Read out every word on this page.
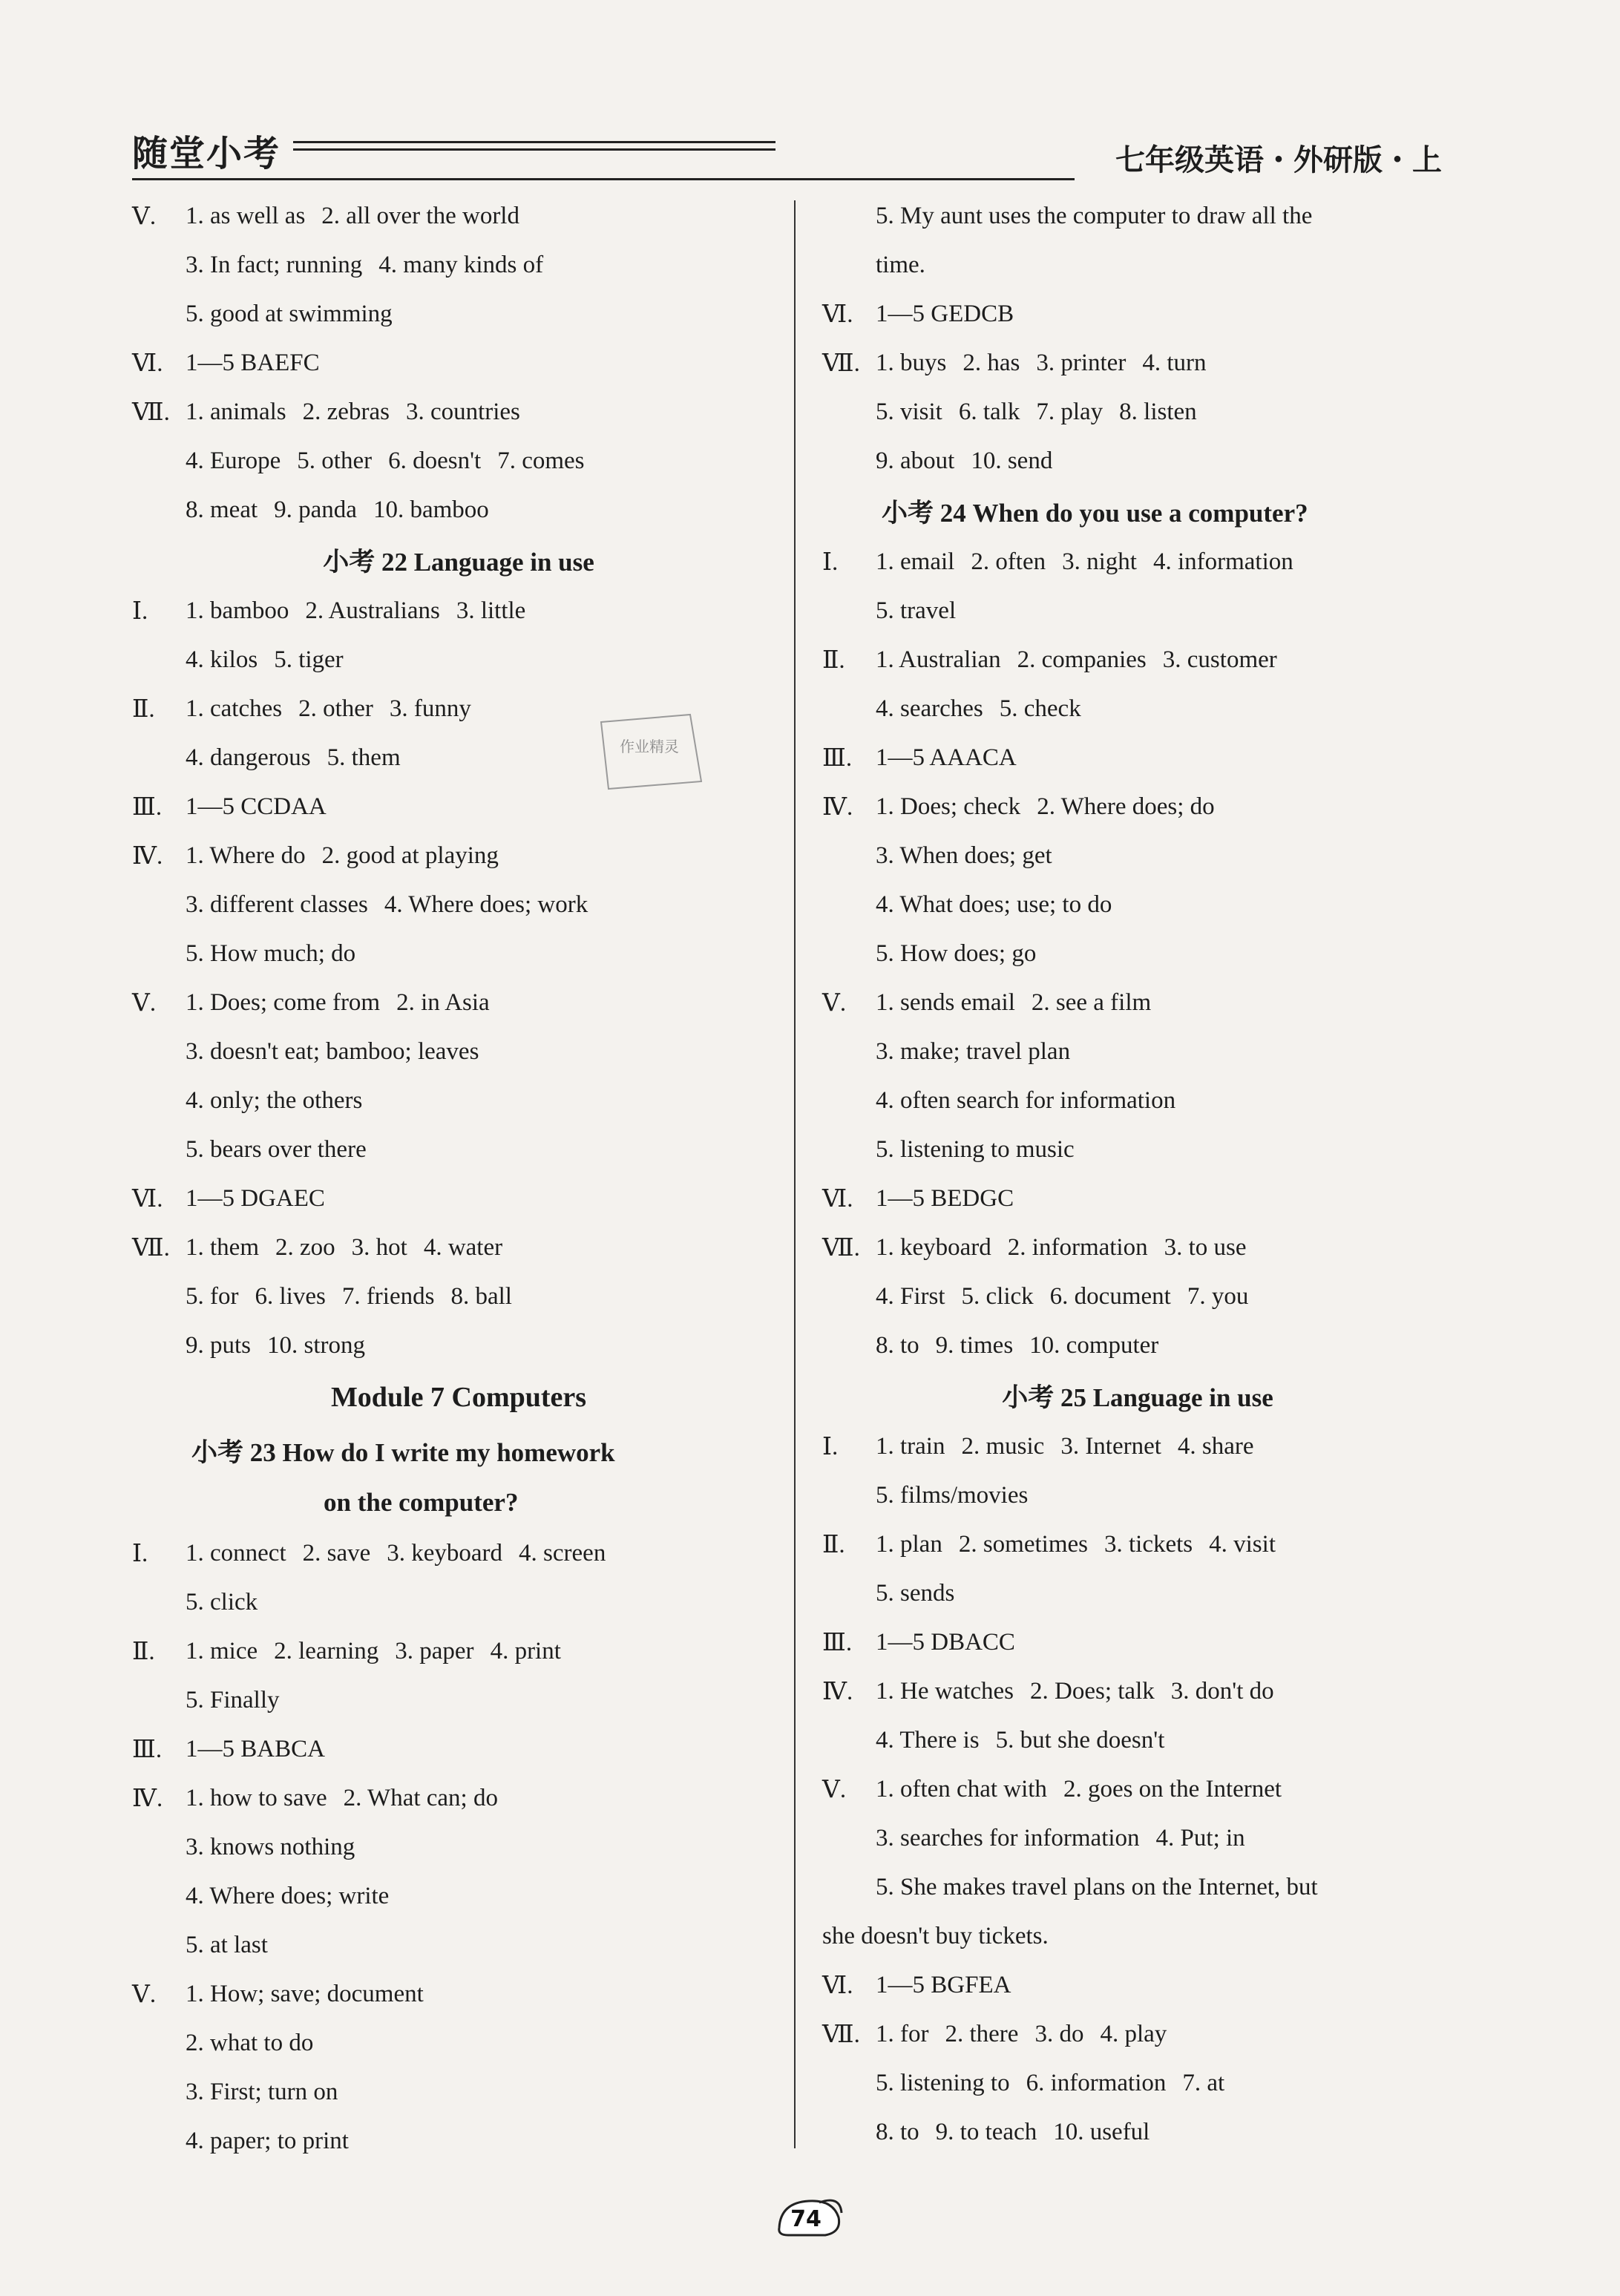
随堂小考	七年级英语・外研版・上
Ⅴ.	1. as well as 2. all over the world
3. In fact; running 4. many kinds of
5. good at swimming
Ⅵ. 1—5 BAEFC
Ⅶ. 1. animals 2. zebras 3. countries
4. Europe 5. other 6. doesn't 7. comes
8. meat 9. panda 10. bamboo
小考 22 Language in use
Ⅰ.	1. bamboo 2. Australians 3. little
4. kilos 5. tiger
Ⅱ.	1. catches 2. other 3. funny
4. dangerous 5. them
Ⅲ. 1—5 CCDAA
Ⅳ. 1. Where do 2. good at playing
3. different classes 4. Where does; work
5. How much; do
Ⅴ.	1. Does; come from 2. in Asia
3. doesn't eat; bamboo; leaves
4. only; the others
5. bears over there
Ⅵ. 1—5 DGAEC
Ⅶ. 1. them 2. zoo 3. hot 4. water
5. for 6. lives 7. friends 8. ball
9. puts 10. strong
Module 7 Computers
小考 23 How do I write my homework
on the computer?
Ⅰ.	1. connect 2. save 3. keyboard 4. screen
5. click
Ⅱ.	1. mice 2. learning 3. paper 4. print
5. Finally
Ⅲ. 1—5 BABCA
Ⅳ. 1. how to save 2. What can; do
3. knows nothing
4. Where does; write
5. at last
Ⅴ.	1. How; save; document
2. what to do
3. First; turn on
4. paper; to print
5. My aunt uses the computer to draw all the
time.
Ⅵ. 1—5 GEDCB
Ⅶ. 1. buys 2. has 3. printer 4. turn
5. visit 6. talk 7. play 8. listen
9. about 10. send
小考 24 When do you use a computer?
Ⅰ.	1. email 2. often 3. night 4. information
5. travel
Ⅱ.	1. Australian 2. companies 3. customer
4. searches 5. check
Ⅲ. 1—5 AAACA
Ⅳ. 1. Does; check 2. Where does; do
3. When does; get
4. What does; use; to do
5. How does; go
Ⅴ.	1. sends email 2. see a film
3. make; travel plan
4. often search for information
5. listening to music
Ⅵ. 1—5 BEDGC
Ⅶ. 1. keyboard 2. information 3. to use
4. First 5. click 6. document 7. you
8. to 9. times 10. computer
小考 25 Language in use
Ⅰ.	1. train 2. music 3. Internet 4. share
5. films/movies
Ⅱ.	1. plan 2. sometimes 3. tickets 4. visit
5. sends
Ⅲ. 1—5 DBACC
Ⅳ. 1. He watches 2. Does; talk 3. don't do
4. There is 5. but she doesn't
Ⅴ.	1. often chat with 2. goes on the Internet
3. searches for information 4. Put; in
5. She makes travel plans on the Internet, but
she doesn't buy tickets.
Ⅵ. 1—5 BGFEA
Ⅶ. 1. for 2. there 3. do 4. play
5. listening to 6. information 7. at
8. to 9. to teach 10. useful
作业精灵
74
